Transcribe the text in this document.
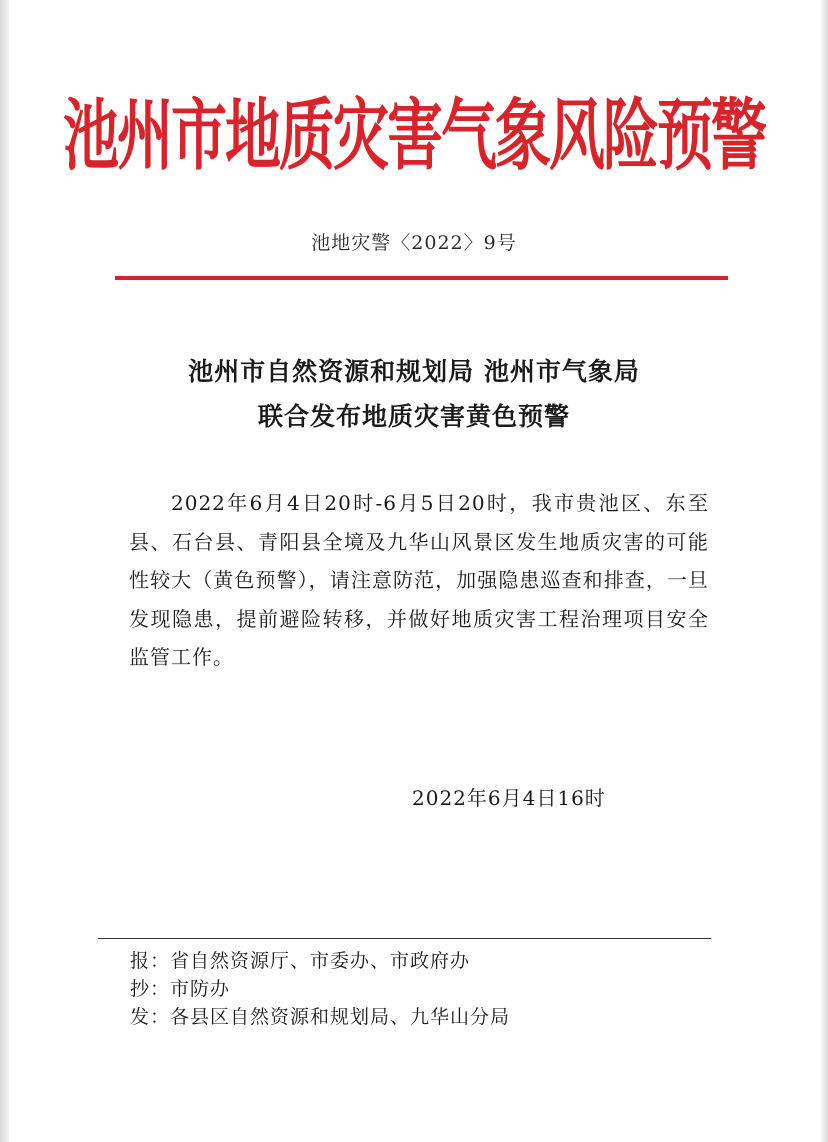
池州市地质灾害气象风险预警
池地灾警〈2022〉9号
池州市自然资源和规划局 池州市气象局
联合发布地质灾害黄色预警
2022年6月4日20时-6月5日20时，我市贵池区、东至县、石台县、青阳县全境及九华山风景区发生地质灾害的可能性较大（黄色预警），请注意防范，加强隐患巡查和排查，一旦发现隐患，提前避险转移，并做好地质灾害工程治理项目安全监管工作。
2022年6月4日16时
报：省自然资源厅、市委办、市政府办
抄：市防办
发：各县区自然资源和规划局、九华山分局
